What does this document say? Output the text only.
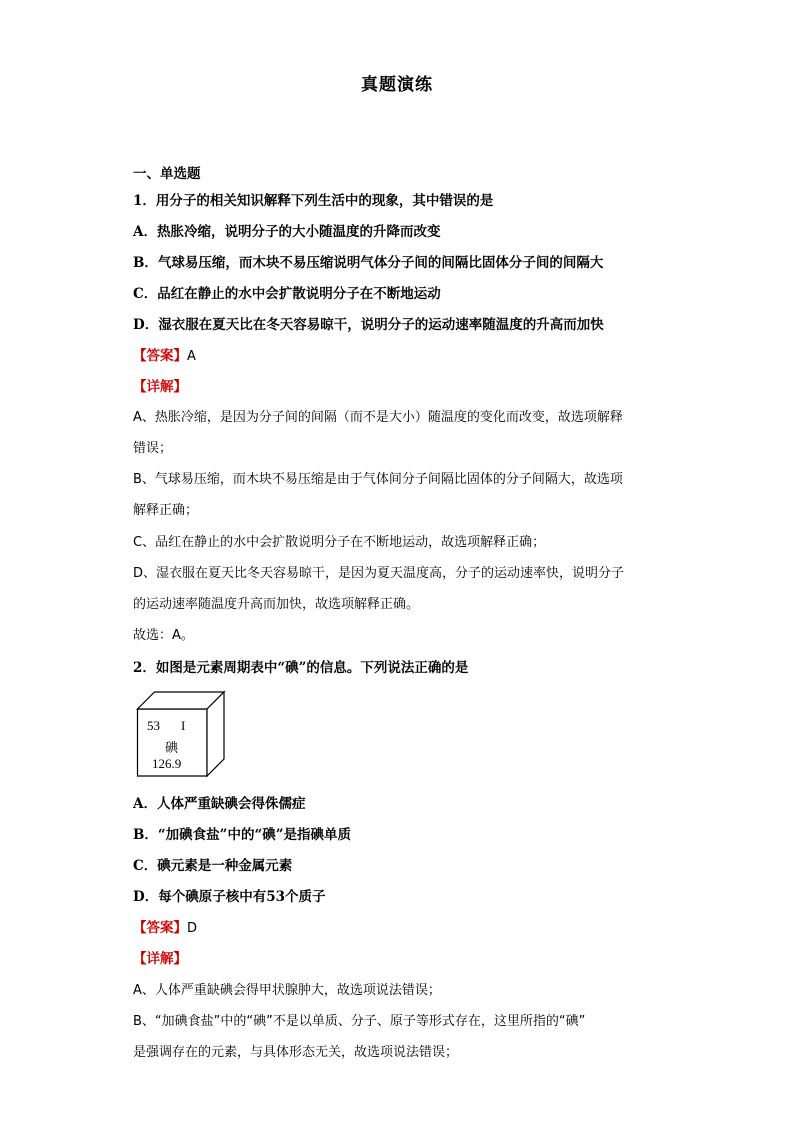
真题演练
一、单选题
1．用分子的相关知识解释下列生活中的现象，其中错误的是
A．热胀冷缩，说明分子的大小随温度的升降而改变
B．气球易压缩，而木块不易压缩说明气体分子间的间隔比固体分子间的间隔大
C．品红在静止的水中会扩散说明分子在不断地运动
D．湿衣服在夏天比在冬天容易晾干，说明分子的运动速率随温度的升高而加快
【答案】A
【详解】
A、热胀冷缩，是因为分子间的间隔（而不是大小）随温度的变化而改变，故选项解释
错误；
B、气球易压缩，而木块不易压缩是由于气体间分子间隔比固体的分子间隔大，故选项
解释正确；
C、品红在静止的水中会扩散说明分子在不断地运动，故选项解释正确；
D、湿衣服在夏天比冬天容易晾干，是因为夏天温度高，分子的运动速率快，说明分子
的运动速率随温度升高而加快，故选项解释正确。
故选：A。
2．如图是元素周期表中“碘”的信息。下列说法正确的是
53 I
碘
126.9
A．人体严重缺碘会得侏儒症
B．“加碘食盐”中的“碘”是指碘单质
C．碘元素是一种金属元素
D．每个碘原子核中有53个质子
【答案】D
【详解】
A、人体严重缺碘会得甲状腺肿大，故选项说法错误；
B、“加碘食盐”中的“碘”不是以单质、分子、原子等形式存在，这里所指的“碘”
是强调存在的元素，与具体形态无关，故选项说法错误；
